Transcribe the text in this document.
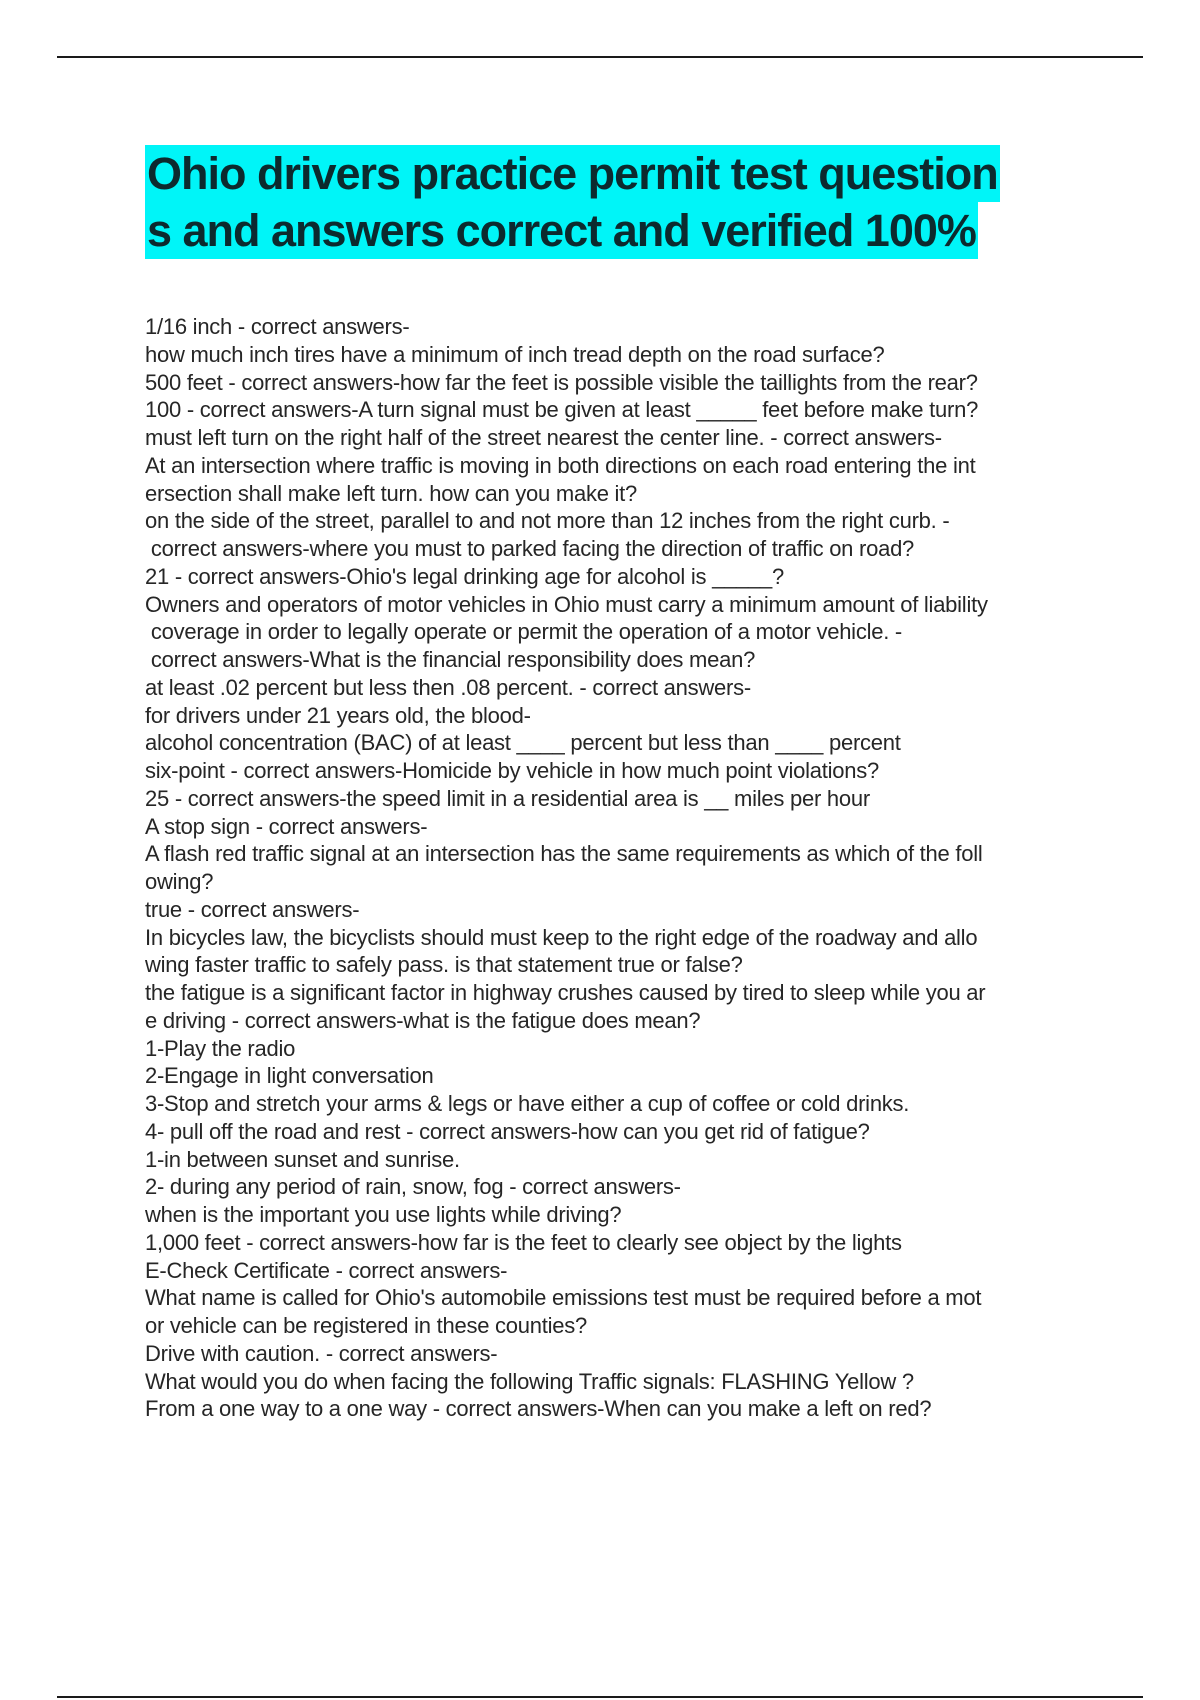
Ohio drivers practice permit test question
s and answers correct and verified 100%
1/16 inch - correct answers-
how much inch tires have a minimum of inch tread depth on the road surface?
500 feet - correct answers-how far the feet is possible visible the taillights from the rear?
100 - correct answers-A turn signal must be given at least _____ feet before make turn?
must left turn on the right half of the street nearest the center line. - correct answers-
At an intersection where traffic is moving in both directions on each road entering the int
ersection shall make left turn. how can you make it?
on the side of the street, parallel to and not more than 12 inches from the right curb. -
correct answers-where you must to parked facing the direction of traffic on road?
21 - correct answers-Ohio's legal drinking age for alcohol is _____?
Owners and operators of motor vehicles in Ohio must carry a minimum amount of liability
coverage in order to legally operate or permit the operation of a motor vehicle. -
correct answers-What is the financial responsibility does mean?
at least .02 percent but less then .08 percent. - correct answers-
for drivers under 21 years old, the blood-
alcohol concentration (BAC) of at least ____ percent but less than ____ percent
six-point - correct answers-Homicide by vehicle in how much point violations?
25 - correct answers-the speed limit in a residential area is __ miles per hour
A stop sign - correct answers-
A flash red traffic signal at an intersection has the same requirements as which of the foll
owing?
true - correct answers-
In bicycles law, the bicyclists should must keep to the right edge of the roadway and allo
wing faster traffic to safely pass. is that statement true or false?
the fatigue is a significant factor in highway crushes caused by tired to sleep while you ar
e driving - correct answers-what is the fatigue does mean?
1-Play the radio
2-Engage in light conversation
3-Stop and stretch your arms & legs or have either a cup of coffee or cold drinks.
4- pull off the road and rest - correct answers-how can you get rid of fatigue?
1-in between sunset and sunrise.
2- during any period of rain, snow, fog - correct answers-
when is the important you use lights while driving?
1,000 feet - correct answers-how far is the feet to clearly see object by the lights
E-Check Certificate - correct answers-
What name is called for Ohio's automobile emissions test must be required before a mot
or vehicle can be registered in these counties?
Drive with caution. - correct answers-
What would you do when facing the following Traffic signals: FLASHING Yellow ?
From a one way to a one way - correct answers-When can you make a left on red?
